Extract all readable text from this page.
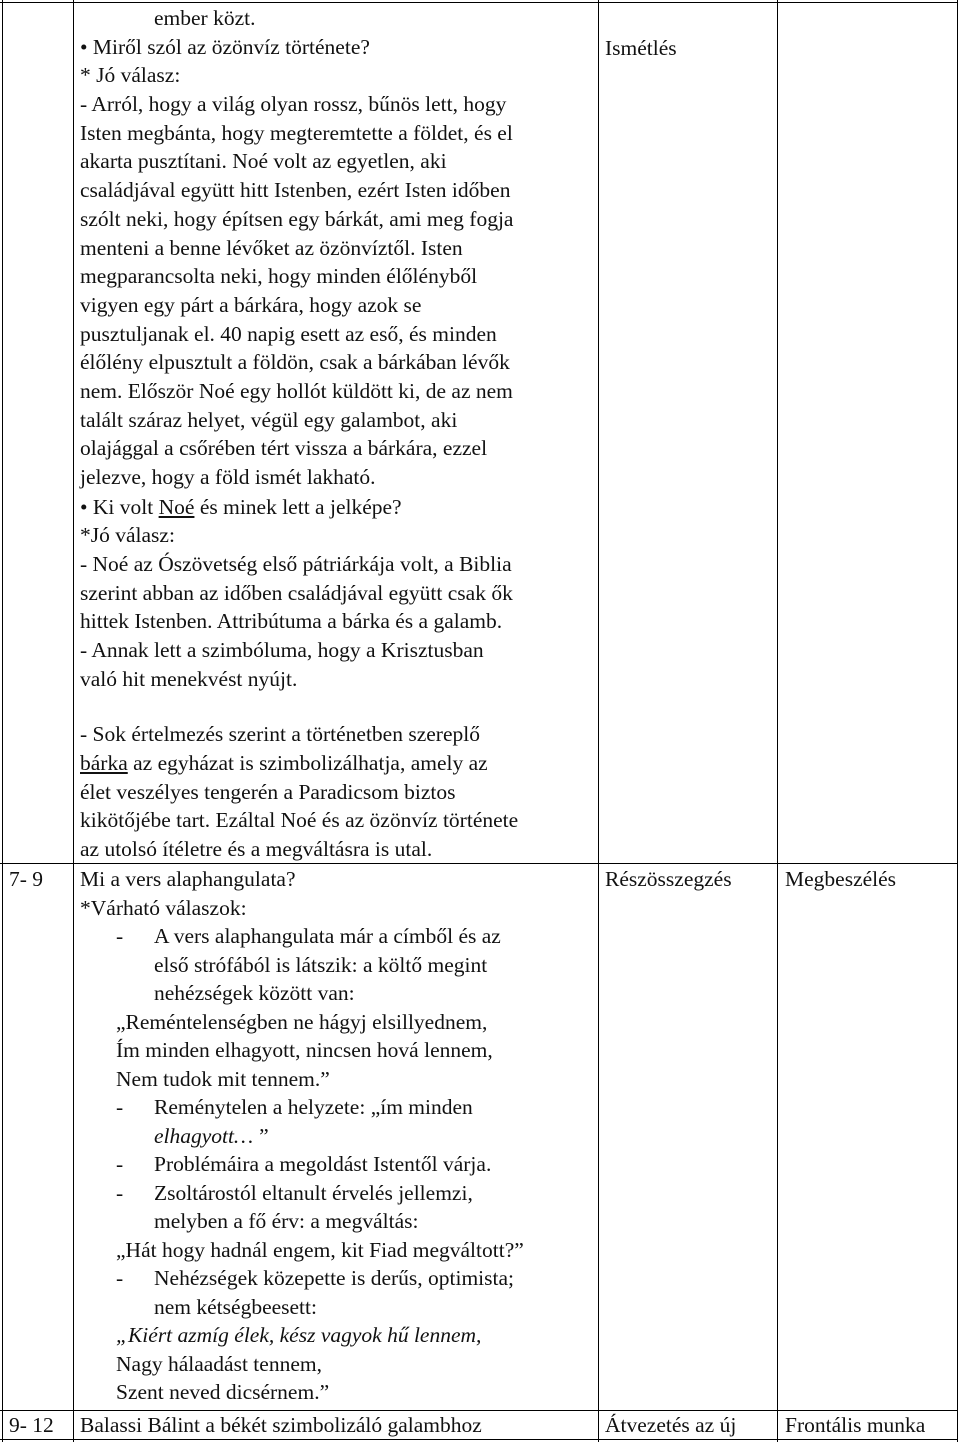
ember közt.

• Miről szól az özönvíz története?

* Jó válasz:

- Arról, hogy a világ olyan rossz, bűnös lett, hogy

Isten megbánta, hogy megteremtette a földet, és el

akarta pusztítani. Noé volt az egyetlen, aki

családjával együtt hitt Istenben, ezért Isten időben

szólt neki, hogy építsen egy bárkát, ami meg fogja

menteni a benne lévőket az özönvíztől. Isten

megparancsolta neki, hogy minden élőlényből

vigyen egy párt a bárkára, hogy azok se

pusztuljanak el. 40 napig esett az eső, és minden

élőlény elpusztult a földön, csak a bárkában lévők

nem. Először Noé egy hollót küldött ki, de az nem

talált száraz helyet, végül egy galambot, aki

olajággal a csőrében tért vissza a bárkára, ezzel

jelezve, hogy a föld ismét lakható.

• Ki volt Noé és minek lett a jelképe?

*Jó válasz:

- Noé az Ószövetség első pátriárkája volt, a Biblia

szerint abban az időben családjával együtt csak ők

hittek Istenben. Attribútuma a bárka és a galamb.

- Annak lett a szimbóluma, hogy a Krisztusban

való hit menekvést nyújt.

- Sok értelmezés szerint a történetben szereplő

bárka az egyházat is szimbolizálhatja, amely az

élet veszélyes tengerén a Paradicsom biztos

kikötőjébe tart. Ezáltal Noé és az özönvíz története

az utolsó ítéletre és a megváltásra is utal.

Ismétlés
7- 9 Mi a vers alaphangulata?

*Várható válaszok:

- A vers alaphangulata már a címből és az

első strófából is látszik: a költő megint

nehézségek között van:

„Reméntelenségben ne hágyj elsillyednem,

Ím minden elhagyott, nincsen hová lennem,

Nem tudok mit tennem.”

- Reménytelen a helyzete: „ím minden

elhagyott… ”

- Problémáira a megoldást Istentől várja.

- Zsoltárostól eltanult érvelés jellemzi,

melyben a fő érv: a megváltás:

„Hát hogy hadnál engem, kit Fiad megváltott?”

- Nehézségek közepette is derűs, optimista;

nem kétségbeesett:

„Kiért azmíg élek, kész vagyok hű lennem,

Nagy hálaadást tennem,

Szent neved dicsérnem.”

Részösszegzés Megbeszélés
9- 12 Balassi Bálint a békét szimbolizáló galambhoz	Átvezetés az új Frontális munka
